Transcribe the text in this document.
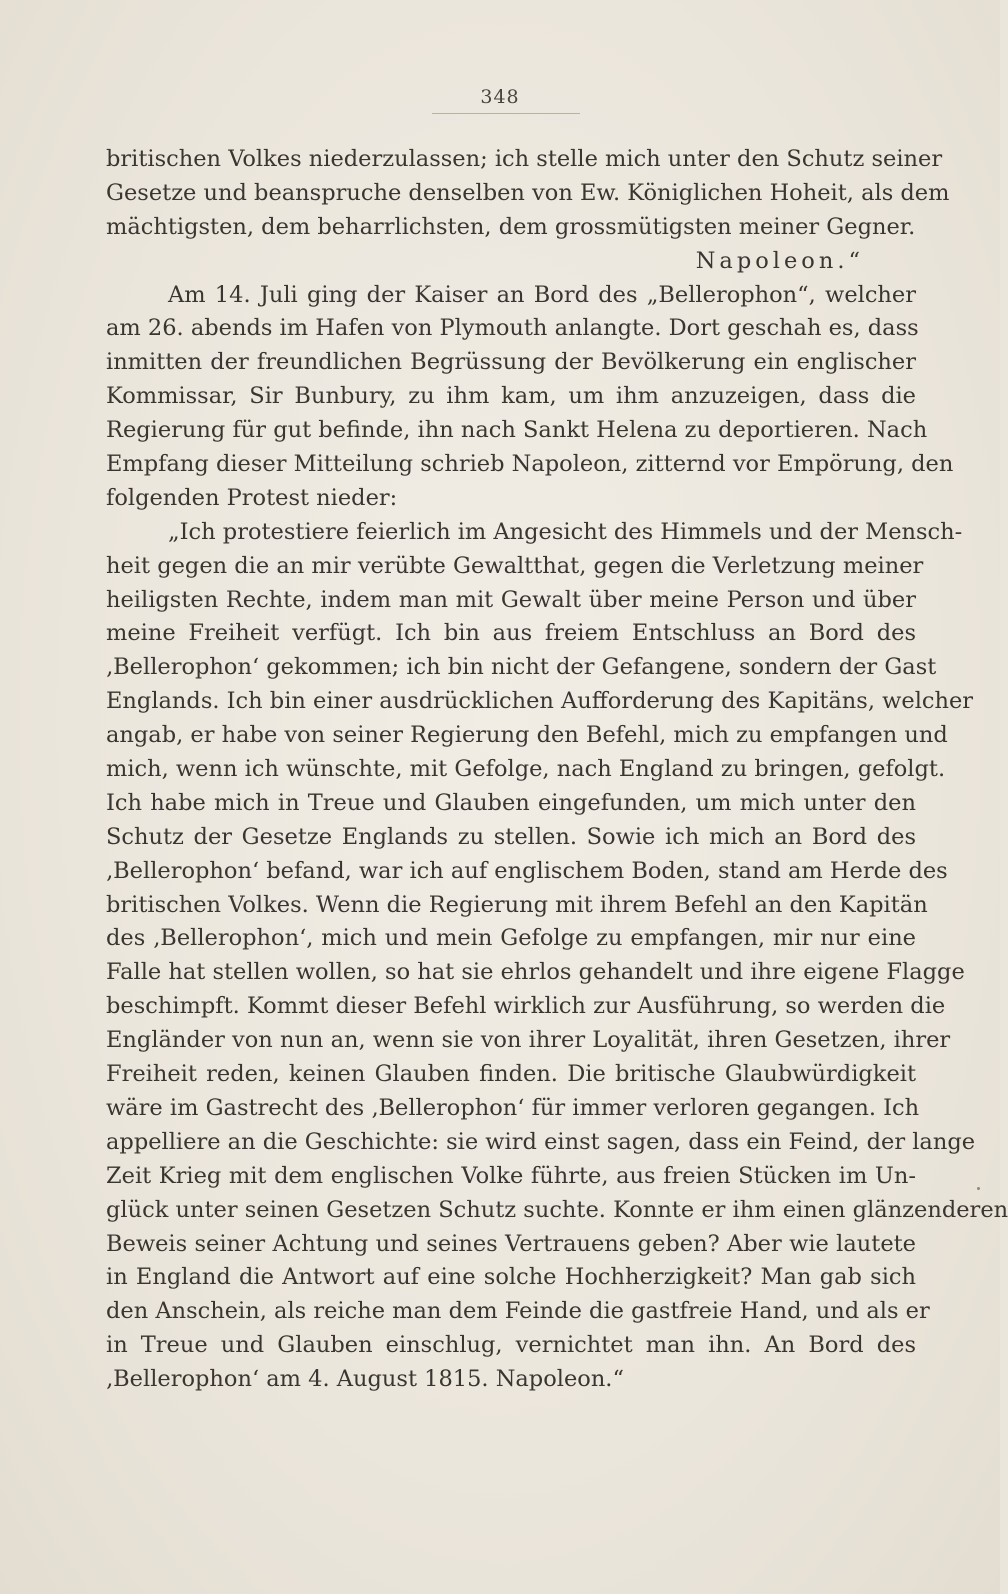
348
britischen Volkes niederzulassen; ich stelle mich unter den Schutz seiner
Gesetze und beanspruche denselben von Ew. Königlichen Hoheit, als dem
mächtigsten, dem beharrlichsten, dem grossmütigsten meiner Gegner.
Napoleon.“
Am 14. Juli ging der Kaiser an Bord des „Bellerophon“, welcher
am 26. abends im Hafen von Plymouth anlangte. Dort geschah es, dass
inmitten der freundlichen Begrüssung der Bevölkerung ein englischer
Kommissar, Sir Bunbury, zu ihm kam, um ihm anzuzeigen, dass die
Regierung für gut befinde, ihn nach Sankt Helena zu deportieren. Nach
Empfang dieser Mitteilung schrieb Napoleon, zitternd vor Empörung, den
folgenden Protest nieder:
„Ich protestiere feierlich im Angesicht des Himmels und der Mensch-
heit gegen die an mir verübte Gewaltthat, gegen die Verletzung meiner
heiligsten Rechte, indem man mit Gewalt über meine Person und über
meine Freiheit verfügt. Ich bin aus freiem Entschluss an Bord des
‚Bellerophon‘ gekommen; ich bin nicht der Gefangene, sondern der Gast
Englands. Ich bin einer ausdrücklichen Aufforderung des Kapitäns, welcher
angab, er habe von seiner Regierung den Befehl, mich zu empfangen und
mich, wenn ich wünschte, mit Gefolge, nach England zu bringen, gefolgt.
Ich habe mich in Treue und Glauben eingefunden, um mich unter den
Schutz der Gesetze Englands zu stellen. Sowie ich mich an Bord des
‚Bellerophon‘ befand, war ich auf englischem Boden, stand am Herde des
britischen Volkes. Wenn die Regierung mit ihrem Befehl an den Kapitän
des ‚Bellerophon‘, mich und mein Gefolge zu empfangen, mir nur eine
Falle hat stellen wollen, so hat sie ehrlos gehandelt und ihre eigene Flagge
beschimpft. Kommt dieser Befehl wirklich zur Ausführung, so werden die
Engländer von nun an, wenn sie von ihrer Loyalität, ihren Gesetzen, ihrer
Freiheit reden, keinen Glauben finden. Die britische Glaubwürdigkeit
wäre im Gastrecht des ‚Bellerophon‘ für immer verloren gegangen. Ich
appelliere an die Geschichte: sie wird einst sagen, dass ein Feind, der lange
Zeit Krieg mit dem englischen Volke führte, aus freien Stücken im Un-
glück unter seinen Gesetzen Schutz suchte. Konnte er ihm einen glänzenderen
Beweis seiner Achtung und seines Vertrauens geben? Aber wie lautete
in England die Antwort auf eine solche Hochherzigkeit? Man gab sich
den Anschein, als reiche man dem Feinde die gastfreie Hand, und als er
in Treue und Glauben einschlug, vernichtet man ihn. An Bord des
‚Bellerophon‘ am 4. August 1815. Napoleon.“
